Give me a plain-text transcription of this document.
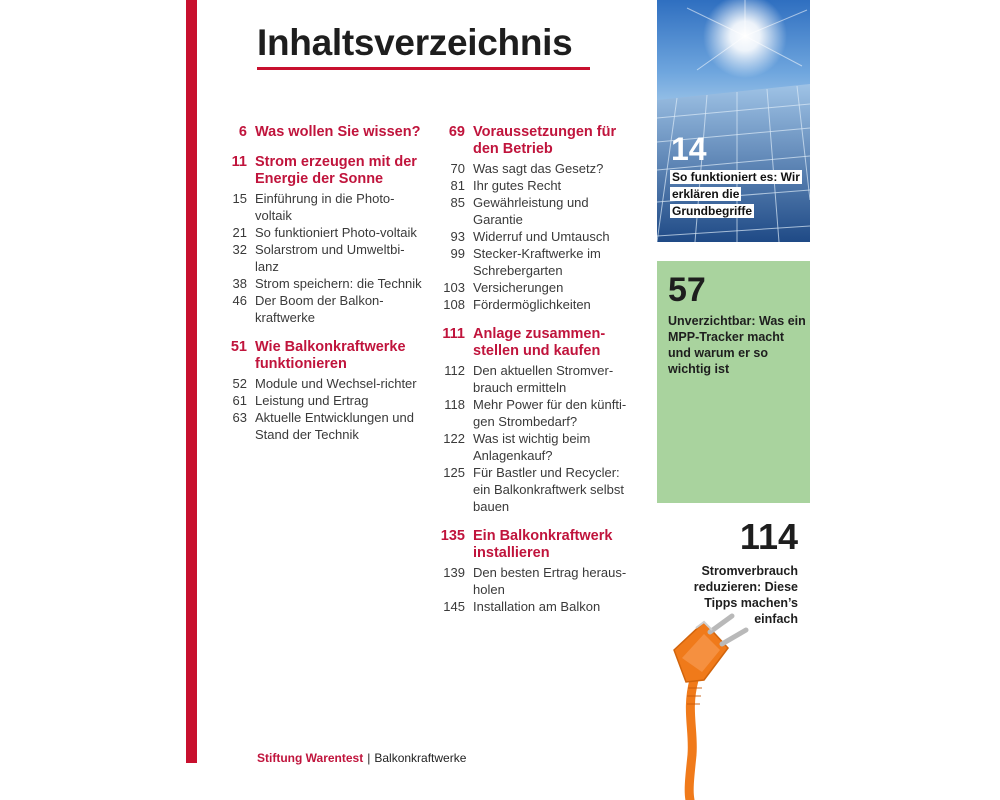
Inhaltsverzeichnis
6 Was wollen Sie wissen?
11 Strom erzeugen mit der Energie der Sonne
15 Einführung in die Photo-voltaik
21 So funktioniert Photo-voltaik
32 Solarstrom und Umweltbi-lanz
38 Strom speichern: die Technik
46 Der Boom der Balkon-kraftwerke
51 Wie Balkonkraftwerke funktionieren
52 Module und Wechsel-richter
61 Leistung und Ertrag
63 Aktuelle Entwicklungen und Stand der Technik
69 Voraussetzungen für den Betrieb
70 Was sagt das Gesetz?
81 Ihr gutes Recht
85 Gewährleistung und Garantie
93 Widerruf und Umtausch
99 Stecker-Kraftwerke im Schrebergarten
103 Versicherungen
108 Fördermöglichkeiten
111 Anlage zusammen-stellen und kaufen
112 Den aktuellen Stromver-brauch ermitteln
118 Mehr Power für den künfti-gen Strombedarf?
122 Was ist wichtig beim Anlagenkauf?
125 Für Bastler und Recycler: ein Balkonkraftwerk selbst bauen
135 Ein Balkonkraftwerk installieren
139 Den besten Ertrag heraus-holen
145 Installation am Balkon
14
So funktioniert es: Wir erklären die Grundbegriffe
57
Unverzichtbar: Was ein MPP-Tracker macht und warum er so wichtig ist
114
Stromverbrauch reduzieren: Diese Tipps machen’s einfach
Stiftung Warentest | Balkonkraftwerke
